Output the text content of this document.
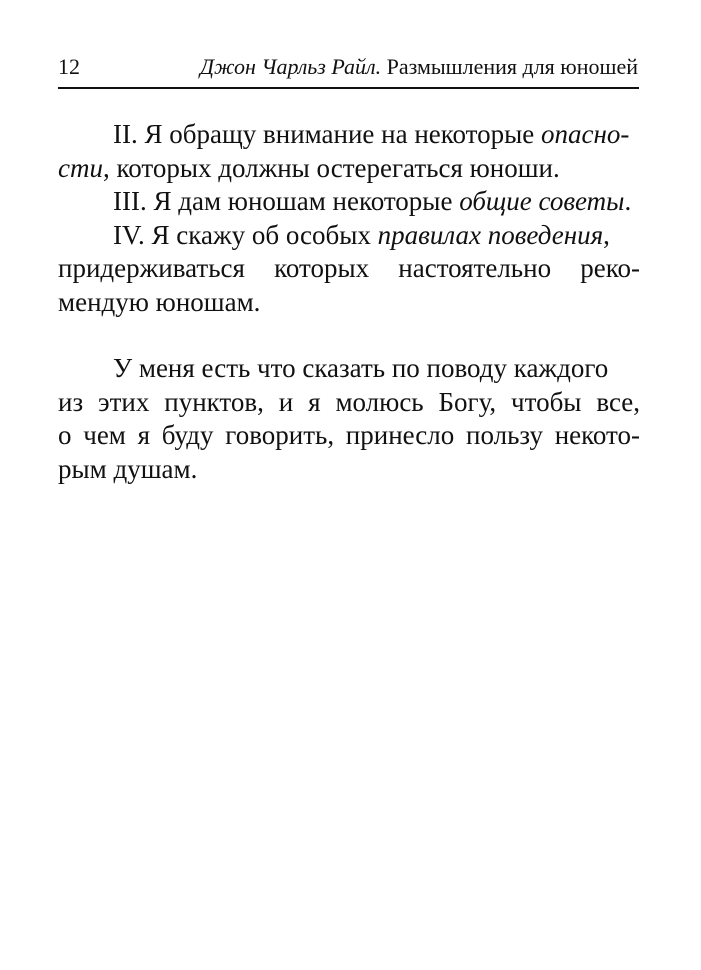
12	Джон Чарльз Райл. Размышления для юношей
II. Я обращу внимание на некоторые опасно-
сти, которых должны остерегаться юноши.
III. Я дам юношам некоторые общие советы.
IV. Я скажу об особых правилах поведения,
придерживаться которых настоятельно реко-
мендую юношам.
У меня есть что сказать по поводу каждого
из этих пунктов, и я молюсь Богу, чтобы все,
о чем я буду говорить, принесло пользу некото-
рым душам.
